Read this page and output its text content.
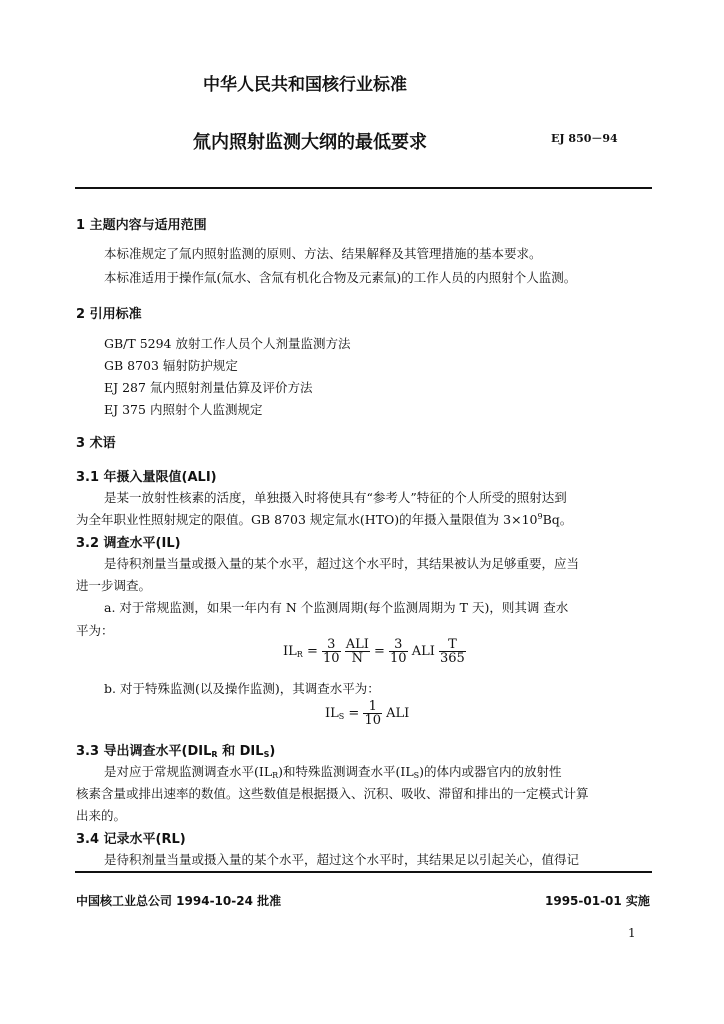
中华人民共和国核行业标准
氚内照射监测大纲的最低要求	EJ 850－94
1 主题内容与适用范围
本标准规定了氚内照射监测的原则、方法、结果解释及其管理措施的基本要求。
本标准适用于操作氚(氚水、含氚有机化合物及元素氚)的工作人员的内照射个人监测。
2 引用标准
GB/T 5294 放射工作人员个人剂量监测方法
GB 8703 辐射防护规定
EJ 287 氚内照射剂量估算及评价方法
EJ 375 内照射个人监测规定
3 术语
3.1 年摄入量限值(ALI)
是某一放射性核素的活度，单独摄入时将使具有“参考人”特征的个人所受的照射达到
为全年职业性照射规定的限值。GB 8703 规定氚水(HTO)的年摄入量限值为 $3\times 10^9Bq$。
3.2 调查水平(IL)
是待积剂量当量或摄入量的某个水平，超过这个水平时，其结果被认为足够重要，应当
进一步调查。
a. 对于常规监测，如果一年内有 N 个监测周期(每个监测周期为 T 天)，则其调 查水
平为：
$IL_R = \frac{3}{10}$
$\frac{\text{ALI}}{N} = \frac{3}{10}$ ALI $\frac{T}{365}$
b. 对于特殊监测(以及操作监测)，其调查水平为：
$IL_S = \frac{1}{10}$ ALI
3.3 导出调查水平($DIL_R$ 和 $DIL_S$)
是对应于常规监测调查水平$(IL_R)$和特殊监测调查水平$(IL_S)$的体内或器官内的放射性
核素含量或排出速率的数值。这些数值是根据摄入、沉积、吸收、滞留和排出的一定模式计算
出来的。
3.4 记录水平(RL)
是待积剂量当量或摄入量的某个水平，超过这个水平时，其结果足以引起关心，值得记
中国核工业总公司 1994-10-24 批准	1995-01-01 实施
1
